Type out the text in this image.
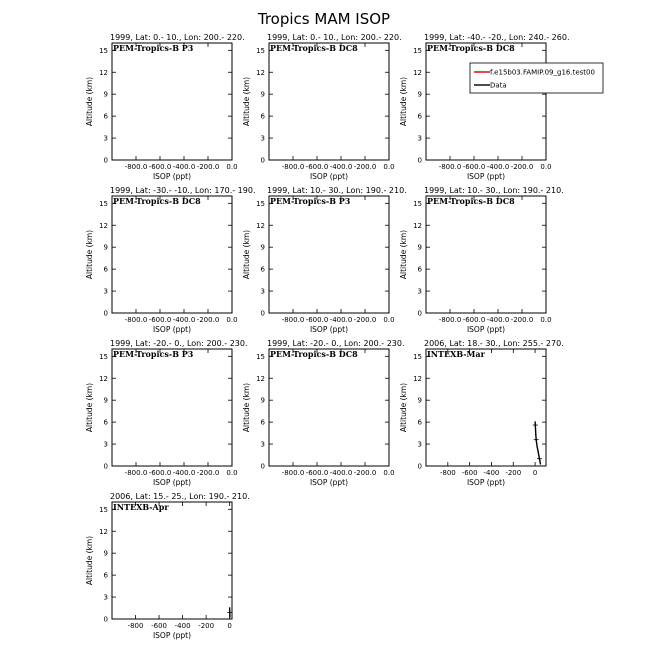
Tropics MAM ISOP
1999, Lat: 0.- 10., Lon: 200.- 220.
PEM-Tropics-B P3
0
3
6
9
12
15
-800.0 -600.0 -400.0 -200.0 0.0
ISOP (ppt)
Altitude (km)
1999, Lat: 0.- 10., Lon: 200.- 220.
PEM-Tropics-B DC8
0
3
6
9
12
15
-800.0 -600.0 -400.0 -200.0 0.0
ISOP (ppt)
Altitude (km)
1999, Lat: -40.- -20., Lon: 240.- 260.
PEM-Tropics-B DC8
0
3
6
9
12
15
-800.0 -600.0 -400.0 -200.0 0.0
ISOP (ppt)
Altitude (km)
f.e15b03.FAMIP.09_g16.test00
Data
1999, Lat: -30.- -10., Lon: 170.- 190.
PEM-Tropics-B DC8
0
3
6
9
12
15
-800.0 -600.0 -400.0 -200.0 0.0
ISOP (ppt)
Altitude (km)
1999, Lat: 10.- 30., Lon: 190.- 210.
PEM-Tropics-B P3
0
3
6
9
12
15
-800.0 -600.0 -400.0 -200.0 0.0
ISOP (ppt)
Altitude (km)
1999, Lat: 10.- 30., Lon: 190.- 210.
PEM-Tropics-B DC8
0
3
6
9
12
15
-800.0 -600.0 -400.0 -200.0 0.0
ISOP (ppt)
Altitude (km)
1999, Lat: -20.- 0., Lon: 200.- 230.
PEM-Tropics-B P3
0
3
6
9
12
15
-800.0 -600.0 -400.0 -200.0 0.0
ISOP (ppt)
Altitude (km)
1999, Lat: -20.- 0., Lon: 200.- 230.
PEM-Tropics-B DC8
0
3
6
9
12
15
-800.0 -600.0 -400.0 -200.0 0.0
ISOP (ppt)
Altitude (km)
2006, Lat: 18.- 30., Lon: 255.- 270.
INTEXB-Mar
0
3
6
9
12
15
-800 -600 -400 -200 0
ISOP (ppt)
Altitude (km)
2006, Lat: 15.- 25., Lon: 190.- 210.
INTEXB-Apr
0
3
6
9
12
15
-800 -600 -400 -200 0
ISOP (ppt)
Altitude (km)
